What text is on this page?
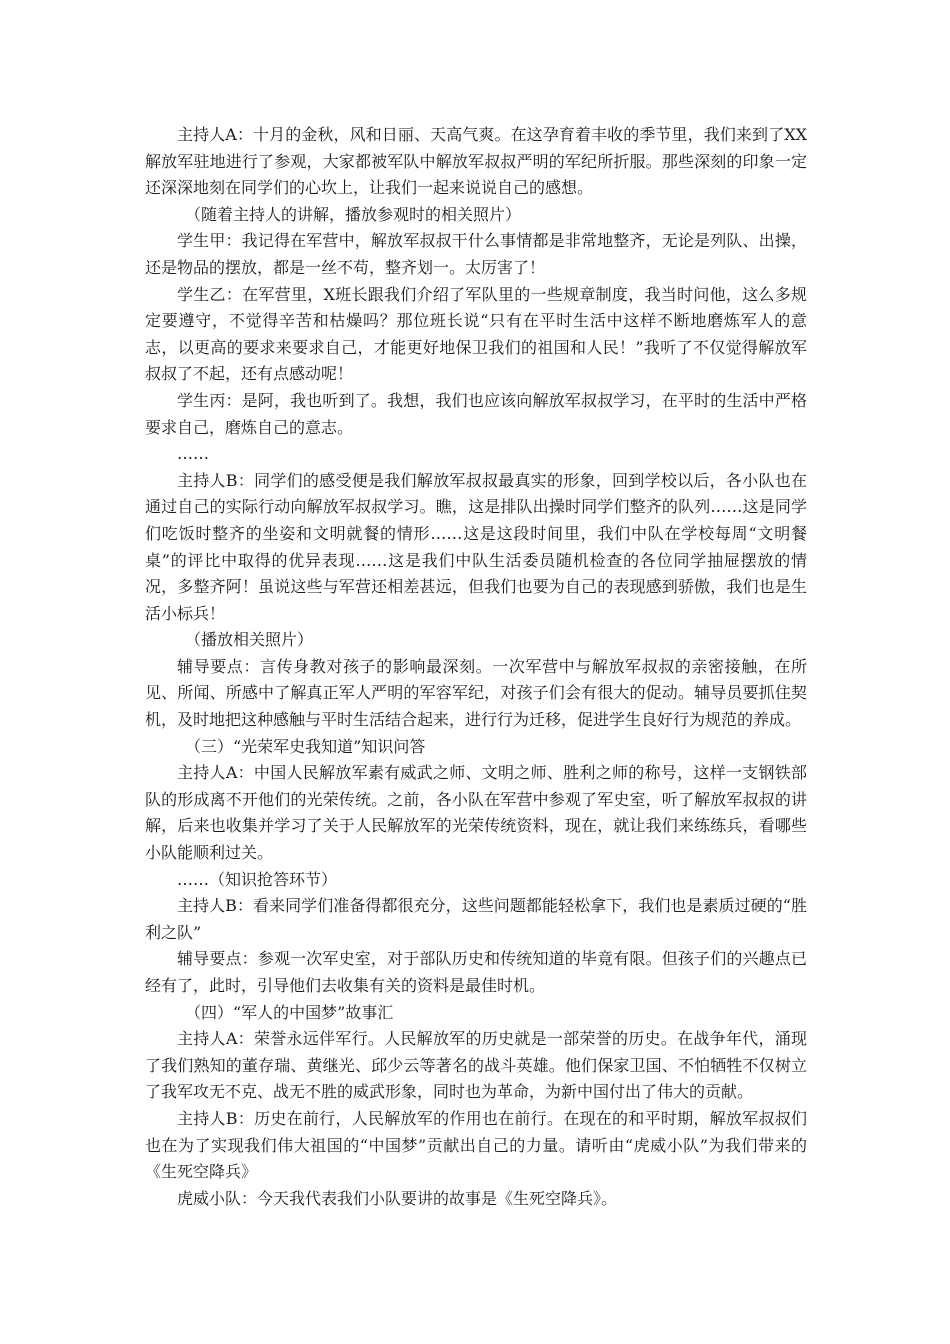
主持人A：十月的金秋，风和日丽、天高气爽。在这孕育着丰收的季节里，我们来到了XX解放军驻地进行了参观，大家都被军队中解放军叔叔严明的军纪所折服。那些深刻的印象一定还深深地刻在同学们的心坎上，让我们一起来说说自己的感想。

（随着主持人的讲解，播放参观时的相关照片）

学生甲：我记得在军营中，解放军叔叔干什么事情都是非常地整齐，无论是列队、出操，还是物品的摆放，都是一丝不苟，整齐划一。太厉害了！

学生乙：在军营里，X班长跟我们介绍了军队里的一些规章制度，我当时问他，这么多规定要遵守，不觉得辛苦和枯燥吗？那位班长说“只有在平时生活中这样不断地磨炼军人的意志，以更高的要求来要求自己，才能更好地保卫我们的祖国和人民！”我听了不仅觉得解放军叔叔了不起，还有点感动呢！

学生丙：是阿，我也听到了。我想，我们也应该向解放军叔叔学习，在平时的生活中严格要求自己，磨炼自己的意志。

……

主持人B：同学们的感受便是我们解放军叔叔最真实的形象，回到学校以后，各小队也在通过自己的实际行动向解放军叔叔学习。瞧，这是排队出操时同学们整齐的队列……这是同学们吃饭时整齐的坐姿和文明就餐的情形……这是这段时间里，我们中队在学校每周“文明餐桌”的评比中取得的优异表现……这是我们中队生活委员随机检查的各位同学抽屉摆放的情况，多整齐阿！虽说这些与军营还相差甚远，但我们也要为自己的表现感到骄傲，我们也是生活小标兵！

（播放相关照片）

辅导要点：言传身教对孩子的影响最深刻。一次军营中与解放军叔叔的亲密接触，在所见、所闻、所感中了解真正军人严明的军容军纪，对孩子们会有很大的促动。辅导员要抓住契机，及时地把这种感触与平时生活结合起来，进行行为迁移，促进学生良好行为规范的养成。

（三）“光荣军史我知道”知识问答

主持人A：中国人民解放军素有威武之师、文明之师、胜利之师的称号，这样一支钢铁部队的形成离不开他们的光荣传统。之前，各小队在军营中参观了军史室，听了解放军叔叔的讲解，后来也收集并学习了关于人民解放军的光荣传统资料，现在，就让我们来练练兵，看哪些小队能顺利过关。

……（知识抢答环节）

主持人B：看来同学们准备得都很充分，这些问题都能轻松拿下，我们也是素质过硬的“胜利之队”

辅导要点：参观一次军史室，对于部队历史和传统知道的毕竟有限。但孩子们的兴趣点已经有了，此时，引导他们去收集有关的资料是最佳时机。

（四）“军人的中国梦”故事汇

主持人A：荣誉永远伴军行。人民解放军的历史就是一部荣誉的历史。在战争年代，涌现了我们熟知的董存瑞、黄继光、邱少云等著名的战斗英雄。他们保家卫国、不怕牺牲不仅树立了我军攻无不克、战无不胜的威武形象，同时也为革命，为新中国付出了伟大的贡献。

主持人B：历史在前行，人民解放军的作用也在前行。在现在的和平时期，解放军叔叔们也在为了实现我们伟大祖国的“中国梦”贡献出自己的力量。请听由“虎威小队”为我们带来的《生死空降兵》

虎威小队：今天我代表我们小队要讲的故事是《生死空降兵》。
